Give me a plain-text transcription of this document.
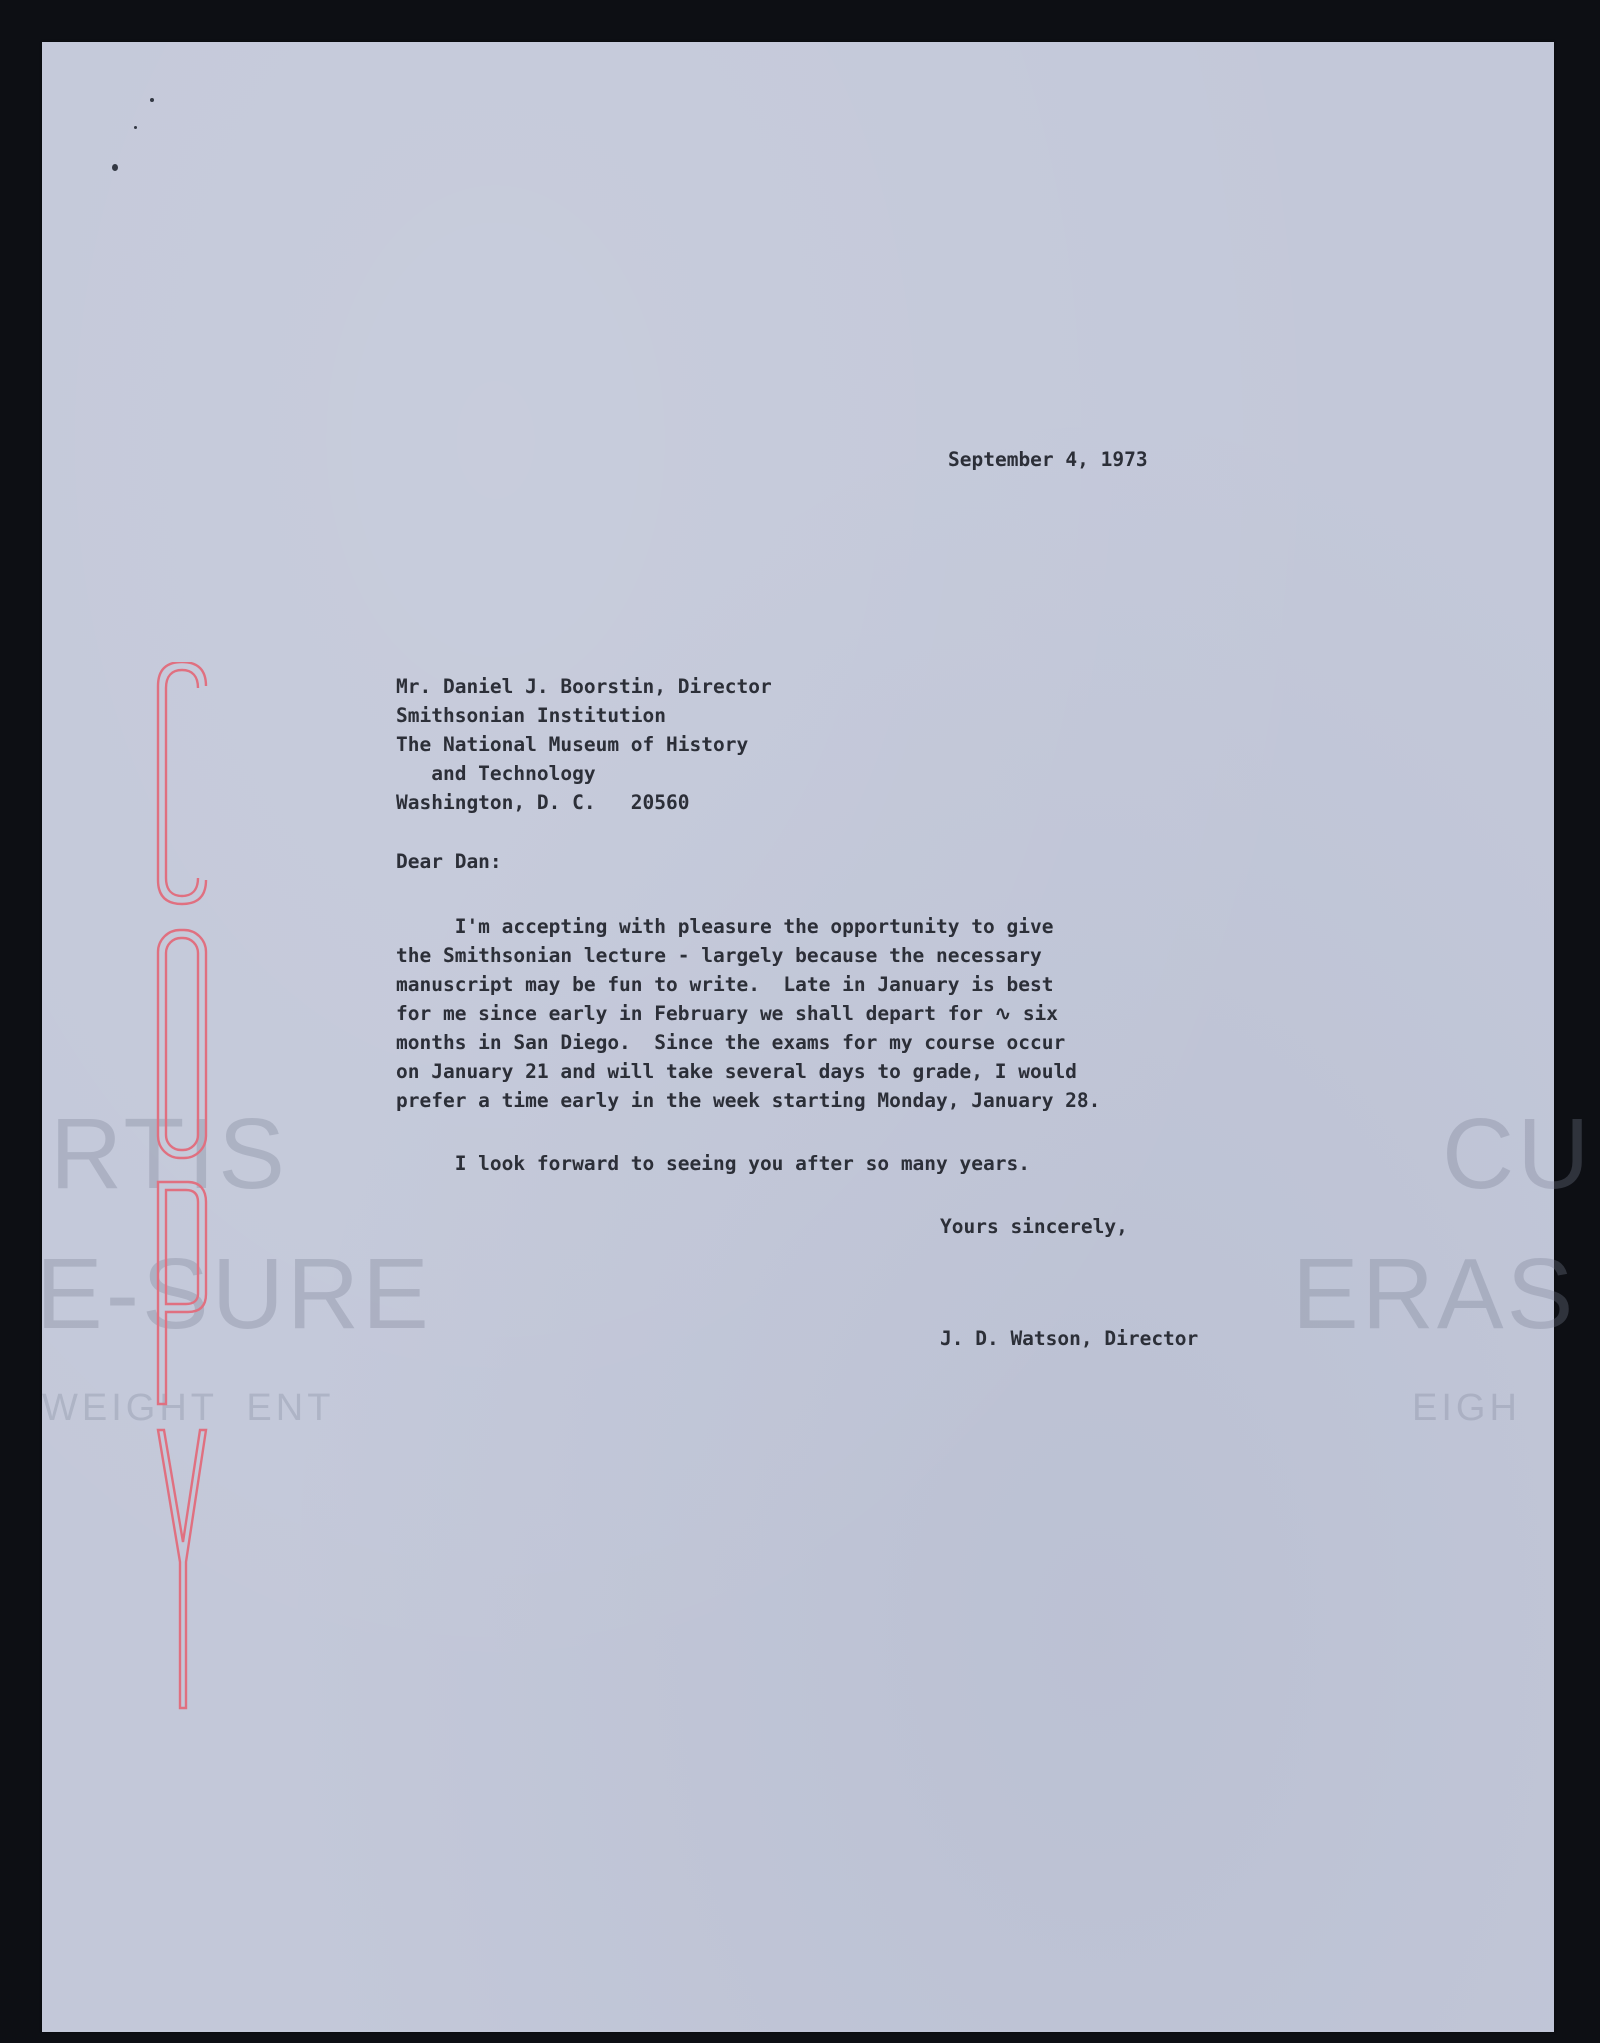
RTIS
E-SURE
WEIGHT  ENT
CU
ERAS
EIGH
September 4, 1973

Mr. Daniel J. Boorstin, Director

Smithsonian Institution

The National Museum of History

and Technology

Washington, D. C.   20560

Dear Dan:

I'm accepting with pleasure the opportunity to give

the Smithsonian lecture - largely because the necessary

manuscript may be fun to write.  Late in January is best

for me since early in February we shall depart for ∿ six

months in San Diego.  Since the exams for my course occur

on January 21 and will take several days to grade, I would

prefer a time early in the week starting Monday, January 28.

I look forward to seeing you after so many years.
Yours sincerely,
J. D. Watson, Director
